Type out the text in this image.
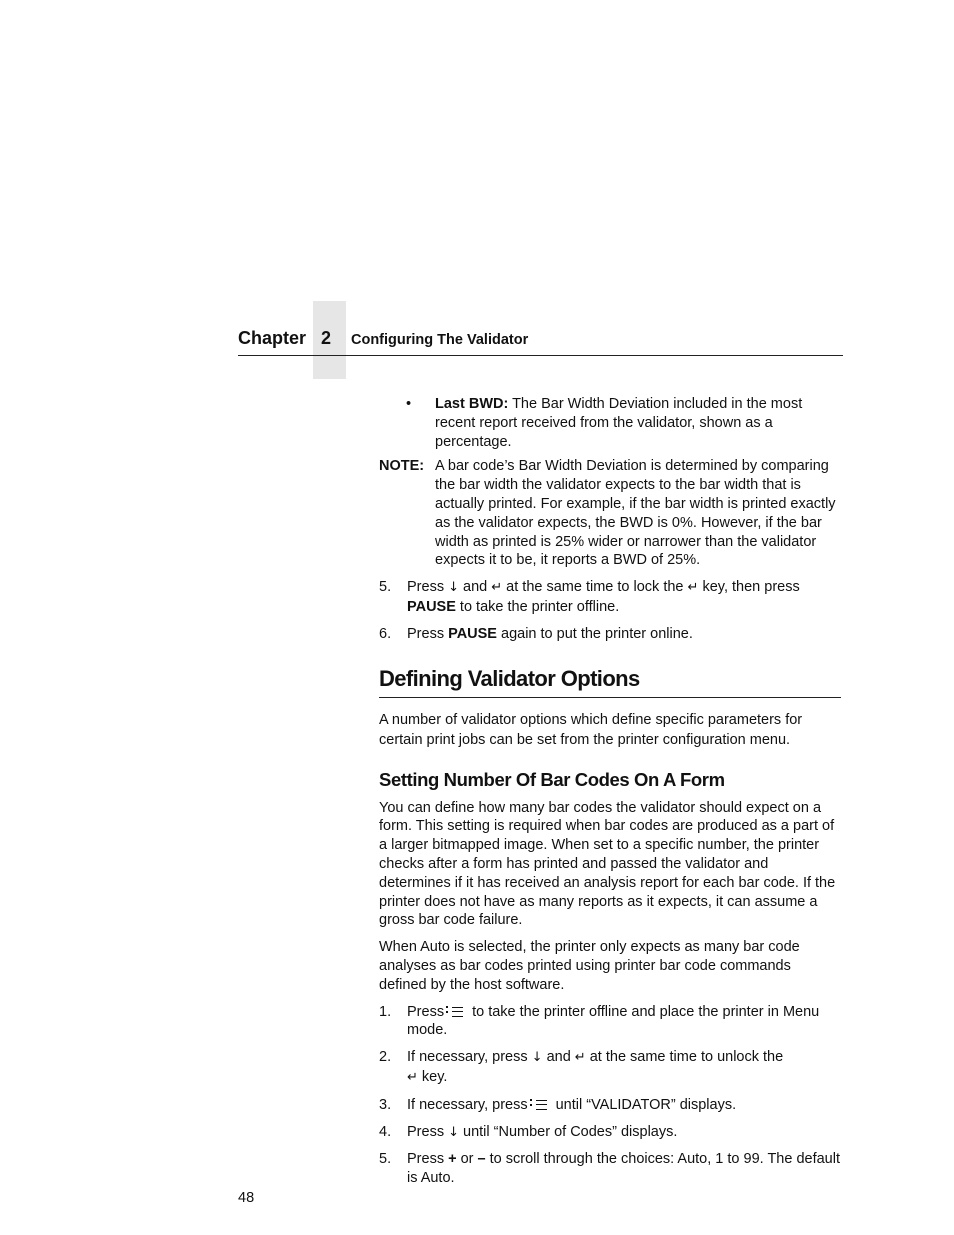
Chapter 2 Configuring The Validator
• Last BWD: The Bar Width Deviation included in the most recent report received from the validator, shown as a percentage.
NOTE: A bar code’s Bar Width Deviation is determined by comparing the bar width the validator expects to the bar width that is actually printed. For example, if the bar width is printed exactly as the validator expects, the BWD is 0%. However, if the bar width as printed is 25% wider or narrower than the validator expects it to be, it reports a BWD of 25%.
5. Press ↓ and ↵ at the same time to lock the ↵ key, then press PAUSE to take the printer offline.
6. Press PAUSE again to put the printer online.
Defining Validator Options

A number of validator options which define specific parameters for certain print jobs can be set from the printer configuration menu.

Setting Number Of Bar Codes On A Form

You can define how many bar codes the validator should expect on a form. This setting is required when bar codes are produced as a part of a larger bitmapped image. When set to a specific number, the printer checks after a form has printed and passed the validator and determines if it has received an analysis report for each bar code. If the printer does not have as many reports as it expects, it can assume a gross bar code failure.

When Auto is selected, the printer only expects as many bar code analyses as bar codes printed using printer bar code commands defined by the host software.

1. Press to take the printer offline and place the printer in Menu mode.
2. If necessary, press ↓ and ↵ at the same time to unlock the
↵ key.
3. If necessary, press until “VALIDATOR” displays.
4. Press ↓ until “Number of Codes” displays.
5. Press + or – to scroll through the choices: Auto, 1 to 99. The default is Auto.
48
